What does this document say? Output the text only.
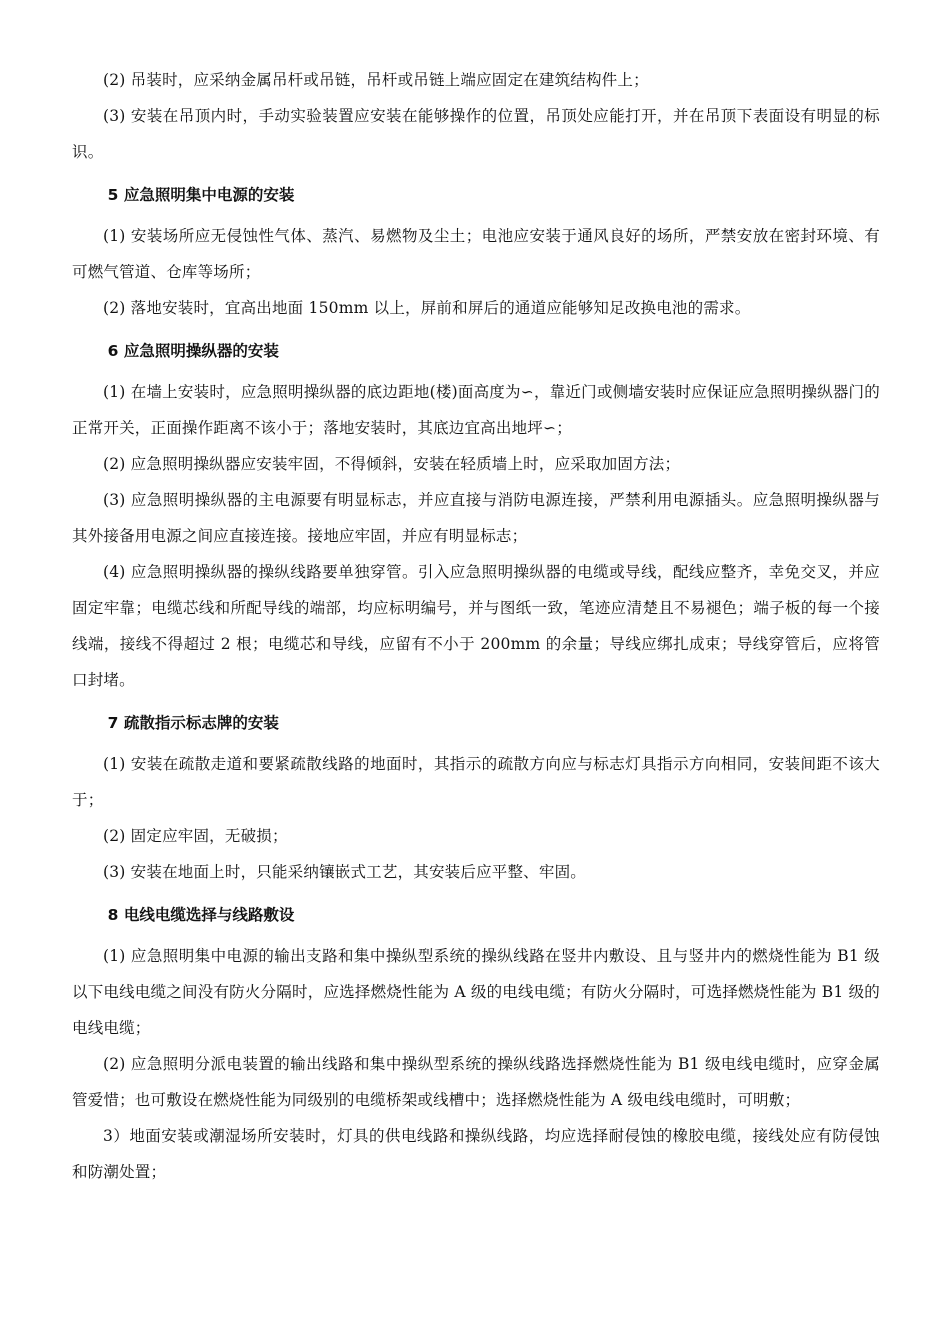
(2) 吊装时，应采纳金属吊杆或吊链，吊杆或吊链上端应固定在建筑结构件上；

(3) 安装在吊顶内时，手动实验装置应安装在能够操作的位置，吊顶处应能打开，并在吊顶下表面设有明显的标识。

5 应急照明集中电源的安装

(1) 安装场所应无侵蚀性气体、蒸汽、易燃物及尘土；电池应安装于通风良好的场所，严禁安放在密封环境、有可燃气管道、仓库等场所；

(2) 落地安装时，宜高出地面 150mm 以上，屏前和屏后的通道应能够知足改换电池的需求。

6 应急照明操纵器的安装

(1) 在墙上安装时，应急照明操纵器的底边距地(楼)面高度为∽，靠近门或侧墙安装时应保证应急照明操纵器门的正常开关，正面操作距离不该小于；落地安装时，其底边宜高出地坪∽；

(2) 应急照明操纵器应安装牢固，不得倾斜，安装在轻质墙上时，应采取加固方法；

(3) 应急照明操纵器的主电源要有明显标志，并应直接与消防电源连接，严禁利用电源插头。应急照明操纵器与其外接备用电源之间应直接连接。接地应牢固，并应有明显标志；

(4) 应急照明操纵器的操纵线路要单独穿管。引入应急照明操纵器的电缆或导线，配线应整齐，幸免交叉，并应固定牢靠；电缆芯线和所配导线的端部，均应标明编号，并与图纸一致，笔迹应清楚且不易褪色；端子板的每一个接线端，接线不得超过 2 根；电缆芯和导线，应留有不小于 200mm 的余量；导线应绑扎成束；导线穿管后，应将管口封堵。

7 疏散指示标志牌的安装

(1) 安装在疏散走道和要紧疏散线路的地面时，其指示的疏散方向应与标志灯具指示方向相同，安装间距不该大于；

(2) 固定应牢固，无破损；

(3) 安装在地面上时，只能采纳镶嵌式工艺，其安装后应平整、牢固。

8 电线电缆选择与线路敷设

(1) 应急照明集中电源的输出支路和集中操纵型系统的操纵线路在竖井内敷设、且与竖井内的燃烧性能为 B1 级以下电线电缆之间没有防火分隔时，应选择燃烧性能为 A 级的电线电缆；有防火分隔时，可选择燃烧性能为 B1 级的电线电缆；

(2) 应急照明分派电装置的输出线路和集中操纵型系统的操纵线路选择燃烧性能为 B1 级电线电缆时，应穿金属管爱惜；也可敷设在燃烧性能为同级别的电缆桥架或线槽中；选择燃烧性能为 A 级电线电缆时，可明敷；

3）地面安装或潮湿场所安装时，灯具的供电线路和操纵线路，均应选择耐侵蚀的橡胶电缆，接线处应有防侵蚀和防潮处置；
